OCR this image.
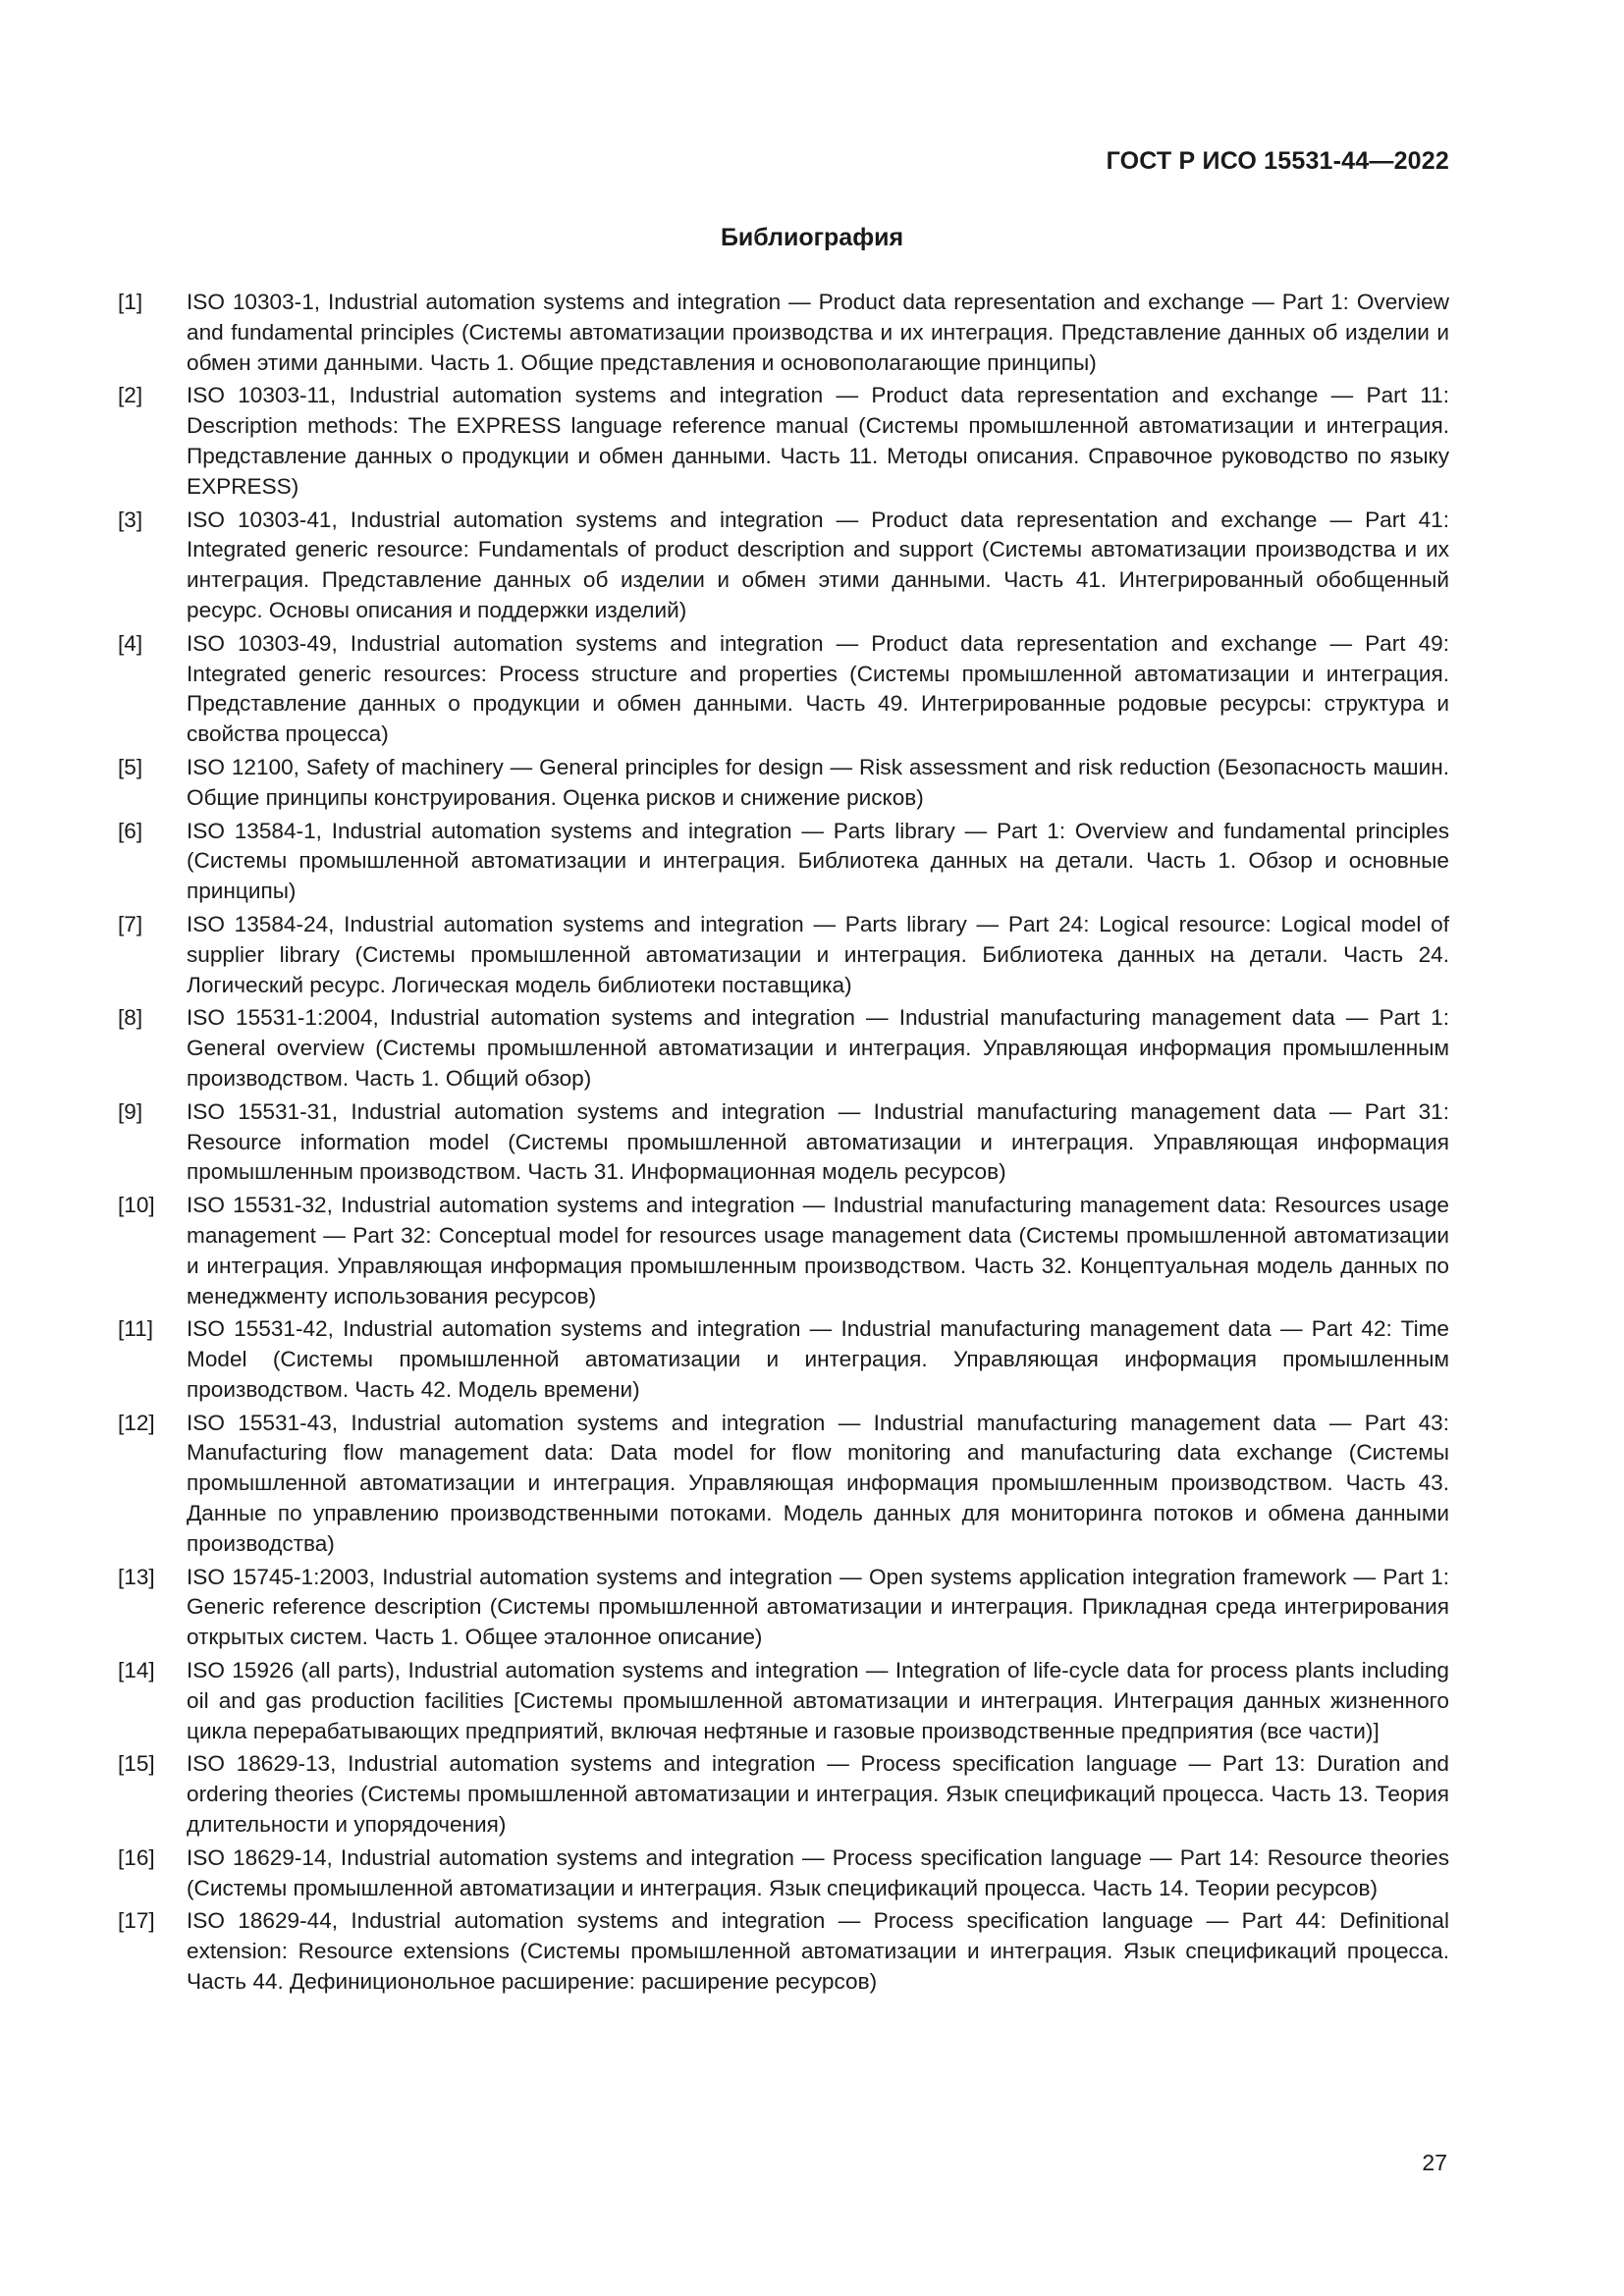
ГОСТ Р ИСО 15531-44—2022
Библиография
[1]	ISO 10303-1, Industrial automation systems and integration — Product data representation and exchange — Part 1: Overview and fundamental principles (Системы автоматизации производства и их интеграция. Представление данных об изделии и обмен этими данными. Часть 1. Общие представления и основополагающие принципы)
[2]	ISO 10303-11, Industrial automation systems and integration — Product data representation and exchange — Part 11: Description methods: The EXPRESS language reference manual (Системы промышленной автоматизации и интеграция. Представление данных о продукции и обмен данными. Часть 11. Методы описания. Справочное руководство по языку EXPRESS)
[3]	ISO 10303-41, Industrial automation systems and integration — Product data representation and exchange — Part 41: Integrated generic resource: Fundamentals of product description and support (Системы автоматизации производства и их интеграция. Представление данных об изделии и обмен этими данными. Часть 41. Интегрированный обобщенный ресурс. Основы описания и поддержки изделий)
[4]	ISO 10303-49, Industrial automation systems and integration — Product data representation and exchange — Part 49: Integrated generic resources: Process structure and properties (Системы промышленной автоматизации и интеграция. Представление данных о продукции и обмен данными. Часть 49. Интегрированные родовые ресурсы: структура и свойства процесса)
[5]	ISO 12100, Safety of machinery — General principles for design — Risk assessment and risk reduction (Безопасность машин. Общие принципы конструирования. Оценка рисков и снижение рисков)
[6]	ISO 13584-1, Industrial automation systems and integration — Parts library — Part 1: Overview and fundamental principles (Системы промышленной автоматизации и интеграция. Библиотека данных на детали. Часть 1. Обзор и основные принципы)
[7]	ISO 13584-24, Industrial automation systems and integration — Parts library — Part 24: Logical resource: Logical model of supplier library (Системы промышленной автоматизации и интеграция. Библиотека данных на детали. Часть 24. Логический ресурс. Логическая модель библиотеки поставщика)
[8]	ISO 15531-1:2004, Industrial automation systems and integration — Industrial manufacturing management data — Part 1: General overview (Системы промышленной автоматизации и интеграция. Управляющая информация промышленным производством. Часть 1. Общий обзор)
[9]	ISO 15531-31, Industrial automation systems and integration — Industrial manufacturing management data — Part 31: Resource information model (Системы промышленной автоматизации и интеграция. Управляющая информация промышленным производством. Часть 31. Информационная модель ресурсов)
[10]	ISO 15531-32, Industrial automation systems and integration — Industrial manufacturing management data: Resources usage management — Part 32: Conceptual model for resources usage management data (Системы промышленной автоматизации и интеграция. Управляющая информация промышленным производством. Часть 32. Концептуальная модель данных по менеджменту использования ресурсов)
[11]	ISO 15531-42, Industrial automation systems and integration — Industrial manufacturing management data — Part 42: Time Model (Системы промышленной автоматизации и интеграция. Управляющая информация промышленным производством. Часть 42. Модель времени)
[12]	ISO 15531-43, Industrial automation systems and integration — Industrial manufacturing management data — Part 43: Manufacturing flow management data: Data model for flow monitoring and manufacturing data exchange (Системы промышленной автоматизации и интеграция. Управляющая информация промышленным производством. Часть 43. Данные по управлению производственными потоками. Модель данных для мониторинга потоков и обмена данными производства)
[13]	ISO 15745-1:2003, Industrial automation systems and integration — Open systems application integration framework — Part 1: Generic reference description (Системы промышленной автоматизации и интеграция. Прикладная среда интегрирования открытых систем. Часть 1. Общее эталонное описание)
[14]	ISO 15926 (all parts), Industrial automation systems and integration — Integration of life-cycle data for process plants including oil and gas production facilities [Системы промышленной автоматизации и интеграция. Интеграция данных жизненного цикла перерабатывающих предприятий, включая нефтяные и газовые производственные предприятия (все части)]
[15]	ISO 18629-13, Industrial automation systems and integration — Process specification language — Part 13: Duration and ordering theories (Системы промышленной автоматизации и интеграция. Язык спецификаций процесса. Часть 13. Теория длительности и упорядочения)
[16]	ISO 18629-14, Industrial automation systems and integration — Process specification language — Part 14: Resource theories (Системы промышленной автоматизации и интеграция. Язык спецификаций процесса. Часть 14. Теории ресурсов)
[17]	ISO 18629-44, Industrial automation systems and integration — Process specification language — Part 44: Definitional extension: Resource extensions (Системы промышленной автоматизации и интеграция. Язык спецификаций процесса. Часть 44. Дефиниционольное расширение: расширение ресурсов)
27
